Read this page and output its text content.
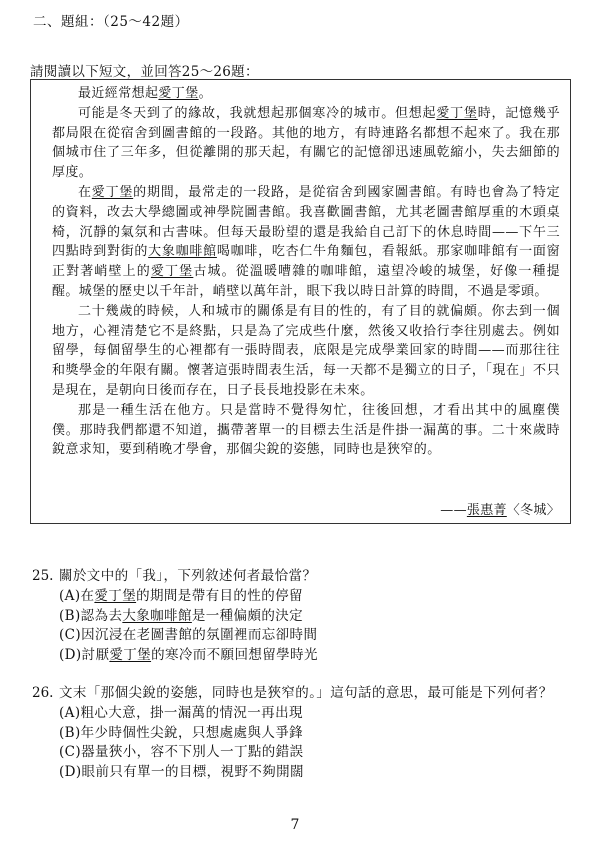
二、題組：（25～42題）
請閱讀以下短文，並回答25～26題：

最近經常想起愛丁堡。

可能是冬天到了的緣故，我就想起那個寒冷的城市。但想起愛丁堡時，記憶幾乎都局限在從宿舍到圖書館的一段路。其他的地方，有時連路名都想不起來了。我在那個城市住了三年多，但從離開的那天起，有關它的記憶卻迅速風乾縮小，失去細節的厚度。

在愛丁堡的期間，最常走的一段路，是從宿舍到國家圖書館。有時也會為了特定的資料，改去大學總圖或神學院圖書館。我喜歡圖書館，尤其老圖書館厚重的木頭桌椅，沉靜的氣氛和古書味。但每天最盼望的還是我給自己訂下的休息時間——下午三四點時到對街的大象咖啡館喝咖啡，吃杏仁牛角麵包，看報紙。那家咖啡館有一面窗正對著峭壁上的愛丁堡古城。從溫暖嘈雜的咖啡館，遠望冷峻的城堡，好像一種提醒。城堡的歷史以千年計，峭壁以萬年計，眼下我以時日計算的時間，不過是零頭。

二十幾歲的時候，人和城市的關係是有目的性的，有了目的就偏頗。你去到一個地方，心裡清楚它不是終點，只是為了完成些什麼，然後又收拾行李往別處去。例如留學，每個留學生的心裡都有一張時間表，底限是完成學業回家的時間——而那往往和獎學金的年限有關。懷著這張時間表生活，每一天都不是獨立的日子，「現在」不只是現在，是朝向日後而存在，日子長長地投影在未來。

那是一種生活在他方。只是當時不覺得匆忙，往後回想，才看出其中的風塵僕僕。那時我們都還不知道，攜帶著單一的目標去生活是件掛一漏萬的事。二十來歲時銳意求知，要到稍晚才學會，那個尖銳的姿態，同時也是狹窄的。

——張惠菁〈冬城〉
25. 關於文中的「我」，下列敘述何者最恰當？
(A)在愛丁堡的期間是帶有目的性的停留
(B)認為去大象咖啡館是一種偏頗的決定
(C)因沉浸在老圖書館的氛圍裡而忘卻時間
(D)討厭愛丁堡的寒冷而不願回想留學時光
26. 文末「那個尖銳的姿態，同時也是狹窄的。」這句話的意思，最可能是下列何者？
(A)粗心大意，掛一漏萬的情況一再出現
(B)年少時個性尖銳，只想處處與人爭鋒
(C)器量狹小，容不下別人一丁點的錯誤
(D)眼前只有單一的目標，視野不夠開闊
7
